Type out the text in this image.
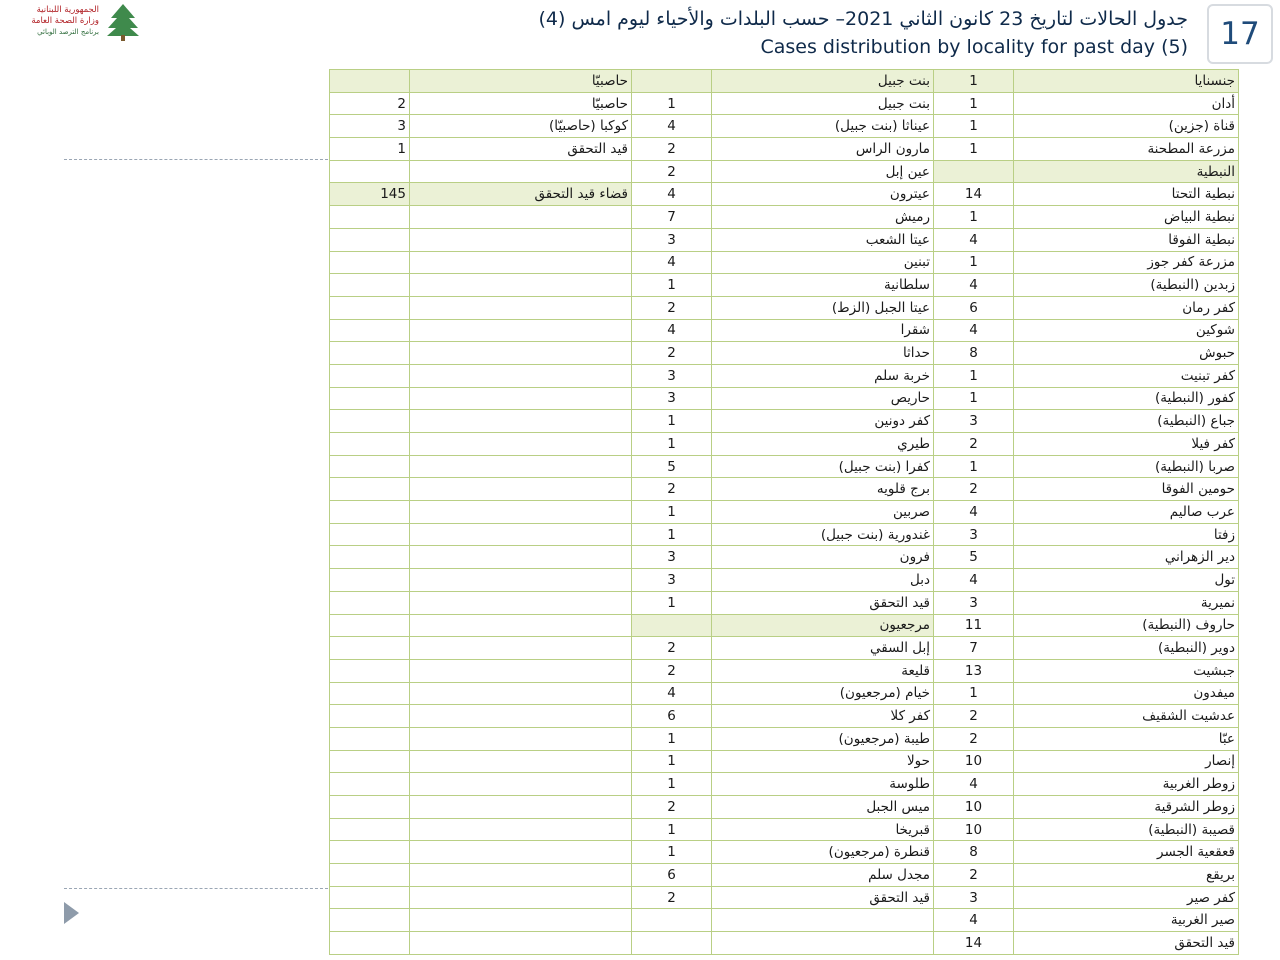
الجمهورية اللبنانية
وزارة الصحة العامة
برنامج الترصد الوبائي
جدول الحالات لتاريخ 23 كانون الثاني 2021– حسب البلدات والأحياء ليوم امس (4)
Cases distribution by locality for past day (5)	17
	حاصبيّا		بنت جبيل	1	جنسنايا
2	حاصبيّا	1	بنت جبيل	1	أدان
3	كوكبا (حاصبيّا)	4	عيناثا (بنت جبيل)	1	قناة (جزين)
1	قيد التحقق	2	مارون الراس	1	مزرعة المطحنة
		2	عين إبل		النبطية
145	قضاء قيد التحقق	4	عيترون	14	نبطية التحتا
		7	رميش	1	نبطية البياض
		3	عيتا الشعب	4	نبطية الفوقا
		4	تبنين	1	مزرعة كفر جوز
		1	سلطانية	4	زبدين (النبطية)
		2	عيتا الجبل (الزط)	6	كفر رمان
		4	شقرا	4	شوكين
		2	حداثا	8	حبوش
		3	خربة سلم	1	كفر تبنيت
		3	حاريص	1	كفور (النبطية)
		1	كفر دونين	3	جباع (النبطية)
		1	طيري	2	كفر فيلا
		5	كفرا (بنت جبيل)	1	صربا (النبطية)
		2	برج قلويه	2	حومين الفوقا
		1	صربين	4	عرب صاليم
		1	غندورية (بنت جبيل)	3	زفتا
		3	فرون	5	دير الزهراني
		3	دبل	4	تول
		1	قيد التحقق	3	نميرية
			مرجعيون	11	حاروف (النبطية)
		2	إبل السقي	7	دوير (النبطية)
		2	قليعة	13	جبشيت
		4	خيام (مرجعيون)	1	ميفدون
		6	كفر كلا	2	عدشيت الشقيف
		1	طيبة (مرجعيون)	2	عبّا
		1	حولا	10	إنصار
		1	طلوسة	4	زوطر الغربية
		2	ميس الجبل	10	زوطر الشرقية
		1	قبريخا	10	قصيبة (النبطية)
		1	قنطرة (مرجعيون)	8	قعقعية الجسر
		6	مجدل سلم	2	بريقع
		2	قيد التحقق	3	كفر صير
				4	صير الغربية
				14	قيد التحقق
